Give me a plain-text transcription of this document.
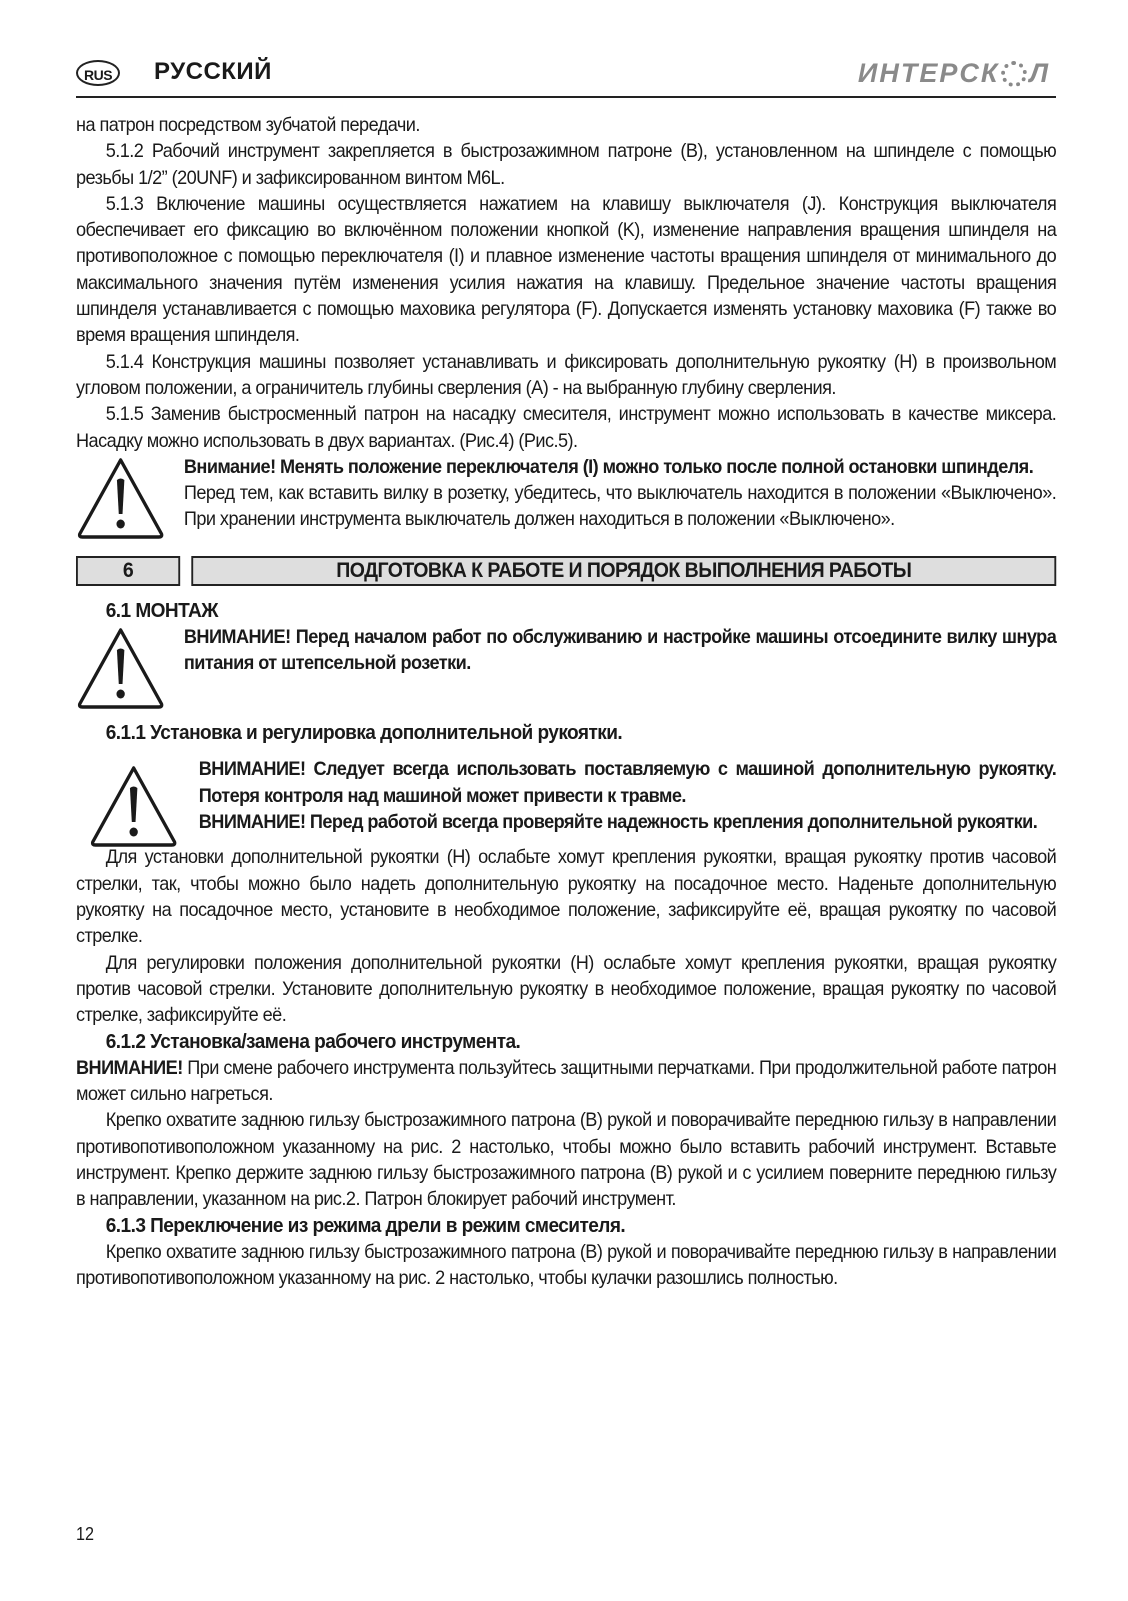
RUS	РУССКИЙ	ИНТЕРСК Л

на патрон посредством зубчатой передачи.

5.1.2 Рабочий инструмент закрепляется в быстрозажимном патроне (B), установленном на шпинделе с помощью резьбы 1/2” (20UNF) и зафиксированном винтом M6L.

5.1.3 Включение машины осуществляется нажатием на клавишу выключателя (J). Конструкция выключателя обеспечивает его фиксацию во включённом положении кнопкой (K), изменение направления вращения шпинделя на противоположное с помощью переключателя (I) и плавное изменение частоты вращения шпинделя от минимального до максимального значения путём изменения усилия нажатия на клавишу. Предельное значение частоты вращения шпинделя устанавливается с помощью маховика регулятора (F). Допускается изменять установку маховика (F) также во время вращения шпинделя.

5.1.4 Конструкция машины позволяет устанавливать и фиксировать дополнительную рукоятку (H) в произвольном угловом положении, а ограничитель глубины сверления (A) - на выбранную глубину сверления.

5.1.5 Заменив быстросменный патрон на насадку смесителя, инструмент можно использовать в качестве миксера. Насадку можно использовать в двух вариантах. (Рис.4) (Рис.5).

Внимание! Менять положение переключателя (I) можно только после полной остановки шпинделя.

Перед тем, как вставить вилку в розетку, убедитесь, что выключатель находится в положении «Выключено». При хранении инструмента выключатель должен находиться в положении «Выключено».

6	ПОДГОТОВКА К РАБОТЕ И ПОРЯДОК ВЫПОЛНЕНИЯ РАБОТЫ

6.1 МОНТАЖ

ВНИМАНИЕ! Перед началом работ по обслуживанию и настройке машины отсоедините вилку шнура питания от штепсельной розетки.

6.1.1 Установка и регулировка дополнительной рукоятки.

ВНИМАНИЕ! Следует всегда использовать поставляемую с машиной дополнительную рукоятку. Потеря контроля над машиной может привести к травме.

ВНИМАНИЕ! Перед работой всегда проверяйте надежность крепления дополнительной рукоятки.

Для установки дополнительной рукоятки (H) ослабьте хомут крепления рукоятки, вращая рукоятку против часовой стрелки, так, чтобы можно было надеть дополнительную рукоятку на посадочное место. Наденьте дополнительную рукоятку на посадочное место, установите в необходимое положение, зафиксируйте её, вращая рукоятку по часовой стрелке.

Для регулировки положения дополнительной рукоятки (H) ослабьте хомут крепления рукоятки, вращая рукоятку против часовой стрелки. Установите дополнительную рукоятку в необходимое положение, вращая рукоятку по часовой стрелке, зафиксируйте её.

6.1.2 Установка/замена рабочего инструмента.

ВНИМАНИЕ! При смене рабочего инструмента пользуйтесь защитными перчатками. При продолжительной работе патрон может сильно нагреться.

Крепко охватите заднюю гильзу быстрозажимного патрона (B) рукой и поворачивайте переднюю гильзу в направлении противопотивоположном указанному на рис. 2 настолько, чтобы можно было вставить рабочий инструмент. Вставьте инструмент. Крепко держите заднюю гильзу быстрозажимного патрона (B) рукой и с усилием поверните переднюю гильзу в направлении, указанном на рис.2. Патрон блокирует рабочий инструмент.

6.1.3 Переключение из режима дрели в режим смесителя.

Крепко охватите заднюю гильзу быстрозажимного патрона (B) рукой и поворачивайте переднюю гильзу в направлении противопотивоположном указанному на рис. 2 настолько, чтобы кулачки разошлись полностью.

12
